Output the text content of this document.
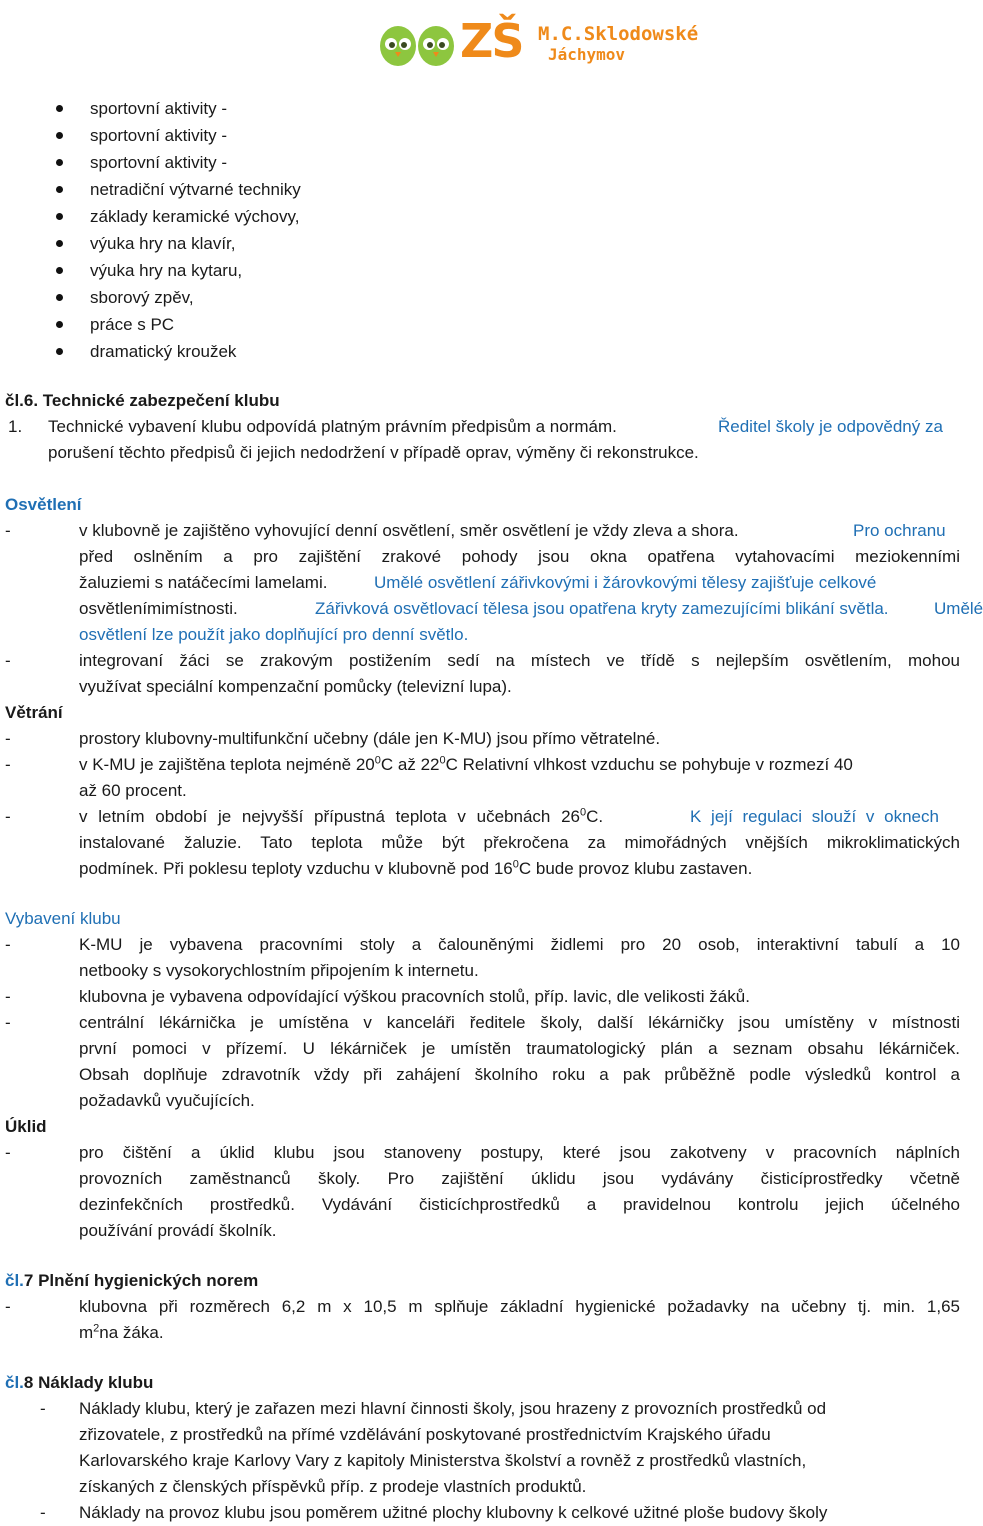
ZŠ M.C.Sklodowské
Jáchymov
sportovní aktivity -
sportovní aktivity -
sportovní aktivity -
netradiční výtvarné techniky
základy keramické výchovy,
výuka hry na klavír,
výuka hry na kytaru,
sborový zpěv,
práce s PC
dramatický kroužek
čl.6. Technické zabezpečení klubu
1. Technické vybavení klubu odpovídá platným právním předpisům a normám.	Ředitel školy je odpovědný za
porušení těchto předpisů či jejich nedodržení v případě oprav, výměny či rekonstrukce.
Osvětlení
-	v klubovně je zajištěno vyhovující denní osvětlení, směr osvětlení je vždy zleva a shora.	Pro ochranu
před oslněním a pro zajištění zrakové pohody jsou okna opatřena vytahovacími meziokenními
žaluziemi s natáčecími lamelami.	Umělé osvětlení zářivkovými i žárovkovými tělesy zajišťuje celkové
osvětlenímimístnosti.	Zářivková osvětlovací tělesa jsou opatřena kryty zamezujícími blikání světla.	Umělé
osvětlení lze použít jako doplňující pro denní světlo.
-	integrovaní žáci se zrakovým postižením sedí na místech ve třídě s nejlepším osvětlením, mohou
využívat speciální kompenzační pomůcky (televizní lupa).
Větrání
-	prostory klubovny-multifunkční učebny (dále jen K-MU) jsou přímo větratelné.
-	v K-MU je zajištěna teplota nejméně $20^0C$ až $22^0C$ Relativní vlhkost vzduchu se pohybuje v rozmezí 40
až 60 procent.
-	v letním období je nejvyšší přípustná teplota v učebnách $26^0C$.	K její regulaci slouží v oknech
instalované žaluzie. Tato teplota může být překročena za mimořádných vnějších mikroklimatických
podmínek. Při poklesu teploty vzduchu v klubovně pod $16^0C$ bude provoz klubu zastaven.
Vybavení klubu
-	K-MU je vybavena pracovními stoly a čalouněnými židlemi pro 20 osob, interaktivní tabulí a 10
netbooky s vysokorychlostním připojením k internetu.
-	klubovna je vybavena odpovídající výškou pracovních stolů, příp. lavic, dle velikosti žáků.
-	centrální lékárnička je umístěna v kanceláři ředitele školy, další lékárničky jsou umístěny v místnosti
první pomoci v přízemí. U lékárniček je umístěn traumatologický plán a seznam obsahu lékárniček.
Obsah doplňuje zdravotník vždy při zahájení školního roku a pak průběžně podle výsledků kontrol a
požadavků vyučujících.
Úklid
-	pro čištění a úklid klubu jsou stanoveny postupy, které jsou zakotveny v pracovních náplních
provozních zaměstnanců školy. Pro zajištění úklidu jsou vydávány čisticíprostředky včetně
dezinfekčních prostředků. Vydávání čisticíchprostředků a pravidelnou kontrolu jejich účelného
používání provádí školník.
čl.7 Plnění hygienických norem
-	klubovna při rozměrech 6,2 m x 10,5 m splňuje základní hygienické požadavky na učebny tj. min. 1,65
$m^2na$ žáka.
čl.8 Náklady klubu
- Náklady klubu, který je zařazen mezi hlavní činnosti školy, jsou hrazeny z provozních prostředků od
zřizovatele, z prostředků na přímé vzdělávání poskytované prostřednictvím Krajského úřadu
Karlovarského kraje Karlovy Vary z kapitoly Ministerstva školství a rovněž z prostředků vlastních,
získaných z členských příspěvků příp. z prodeje vlastních produktů.
- Náklady na provoz klubu jsou poměrem užitné plochy klubovny k celkové užitné ploše budovy školy
